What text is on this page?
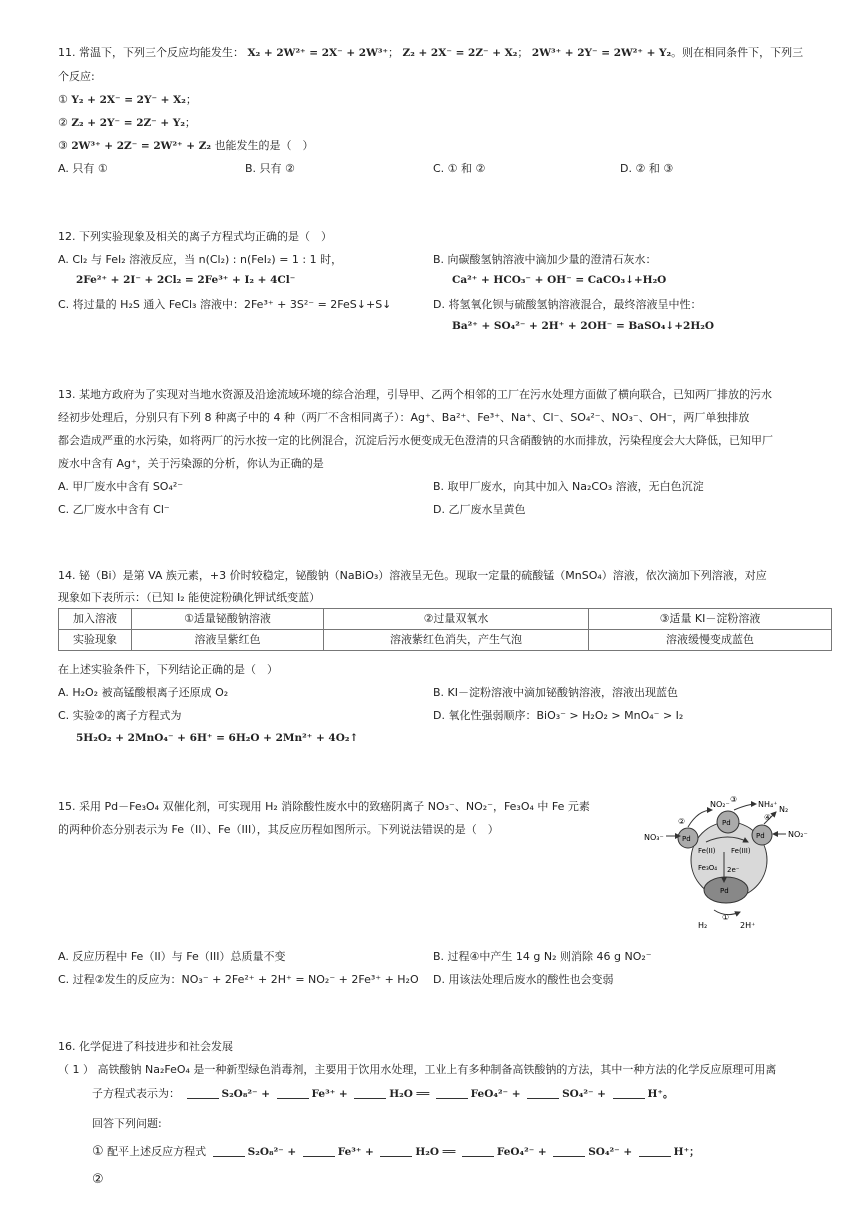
11. 常温下，下列三个反应均能发生： X₂ + 2W²⁺ = 2X⁻ + 2W³⁺； Z₂ + 2X⁻ = 2Z⁻ + X₂； 2W³⁺ + 2Y⁻ = 2W²⁺ + Y₂。则在相同条件下，下列三
个反应:
① Y₂ + 2X⁻ = 2Y⁻ + X₂；
② Z₂ + 2Y⁻ = 2Z⁻ + Y₂；
③ 2W³⁺ + 2Z⁻ = 2W²⁺ + Z₂ 也能发生的是（　）
A. 只有 ①	B. 只有 ②	C. ① 和 ②	D. ② 和 ③
12. 下列实验现象及相关的离子方程式均正确的是（　）
A. Cl₂ 与 FeI₂ 溶液反应，当 n(Cl₂) : n(FeI₂) = 1 : 1 时，
2Fe²⁺ + 2I⁻ + 2Cl₂ = 2Fe³⁺ + I₂ + 4Cl⁻
B. 向碳酸氢钠溶液中滴加少量的澄清石灰水：
Ca²⁺ + HCO₃⁻ + OH⁻ = CaCO₃↓+H₂O
C. 将过量的 H₂S 通入 FeCl₃ 溶液中：2Fe³⁺ + 3S²⁻ = 2FeS↓+S↓	D. 将氢氧化钡与硫酸氢钠溶液混合，最终溶液呈中性：
Ba²⁺ + SO₄²⁻ + 2H⁺ + 2OH⁻ = BaSO₄↓+2H₂O
13. 某地方政府为了实现对当地水资源及沿途流域环境的综合治理，引导甲、乙两个相邻的工厂在污水处理方面做了横向联合，已知两厂排放的污水
经初步处理后，分别只有下列 8 种离子中的 4 种（两厂不含相同离子）：Ag⁺、Ba²⁺、Fe³⁺、Na⁺、Cl⁻、SO₄²⁻、NO₃⁻、OH⁻，两厂单独排放
都会造成严重的水污染，如将两厂的污水按一定的比例混合，沉淀后污水便变成无色澄清的只含硝酸钠的水而排放，污染程度会大大降低，已知甲厂
废水中含有 Ag⁺，关于污染源的分析，你认为正确的是
A. 甲厂废水中含有 SO₄²⁻	B. 取甲厂废水，向其中加入 Na₂CO₃ 溶液，无白色沉淀
C. 乙厂废水中含有 Cl⁻	D. 乙厂废水呈黄色
14. 铋（Bi）是第 VA 族元素，+3 价时较稳定，铋酸钠（NaBiO₃）溶液呈无色。现取一定量的硫酸锰（MnSO₄）溶液，依次滴加下列溶液，对应
现象如下表所示：（已知 I₂ 能使淀粉碘化钾试纸变蓝）
加入溶液	①适量铋酸钠溶液	②过量双氧水	③适量 KI－淀粉溶液
实验现象	溶液呈紫红色	溶液紫红色消失，产生气泡	溶液缓慢变成蓝色
在上述实验条件下，下列结论正确的是（　）
A. H₂O₂ 被高锰酸根离子还原成 O₂	B. KI－淀粉溶液中滴加铋酸钠溶液，溶液出现蓝色
C. 实验②的离子方程式为
5H₂O₂ + 2MnO₄⁻ + 6H⁺ = 6H₂O + 2Mn²⁺ + 4O₂↑
D. 氧化性强弱顺序：BiO₃⁻ > H₂O₂ > MnO₄⁻ > I₂
15. 采用 Pd－Fe₃O₄ 双催化剂，可实现用 H₂ 消除酸性废水中的致癌阴离子 NO₃⁻、NO₂⁻，Fe₃O₄ 中 Fe 元素
的两种价态分别表示为 Fe（II）、Fe（III），其反应历程如图所示。下列说法错误的是（　）
NO₂⁻	NH₄⁺
N₂
NO₃⁻	NO₂⁻
Pd
Pd	Pd
Pd
Fe(II) Fe(III)
Fe₃O₄ 2e⁻
H₂	2H⁺
①
②
③
④
A. 反应历程中 Fe（II）与 Fe（III）总质量不变	B. 过程④中产生 14 g N₂ 则消除 46 g NO₂⁻
C. 过程②发生的反应为：NO₃⁻ + 2Fe²⁺ + 2H⁺ = NO₂⁻ + 2Fe³⁺ + H₂O D. 用该法处理后废水的酸性也会变弱
16. 化学促进了科技进步和社会发展
（ 1 ） 高铁酸钠 Na₂FeO₄ 是一种新型绿色消毒剂，主要用于饮用水处理，工业上有多种制备高铁酸钠的方法，其中一种方法的化学反应原理可用离
子方程式表示为：	S₂O₈²⁻ +	Fe³⁺ +	H₂O ══	FeO₄²⁻ +	SO₄²⁻ +	H⁺。
回答下列问题:
① 配平上述反应方程式	S₂O₈²⁻ +	Fe³⁺ +	H₂O ══	FeO₄²⁻ +	SO₄²⁻ +	H⁺；
②
